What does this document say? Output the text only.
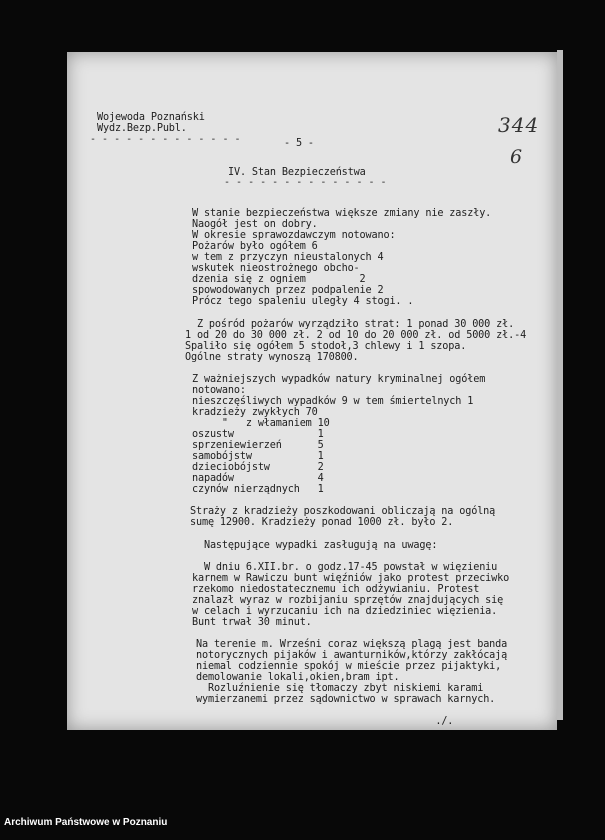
Wojewoda Poznański
Wydz.Bezp.Publ.
- - - - - - - - - - - - -	- 5 -
344
6
IV. Stan Bezpieczeństwa
- - - - - - - - - - - - - -
W stanie bezpieczeństwa większe zmiany nie zaszły.
Naogół jest on dobry.
W okresie sprawozdawczym notowano:
Pożarów było ogółem 6
w tem z przyczyn nieustalonych 4
wskutek nieostrożnego obcho-
dzenia się z ogniem         2
spowodowanych przez podpalenie 2
Prócz tego spaleniu uległy 4 stogi. .
Z pośród pożarów wyrządziło strat: 1 ponad 30 000 zł.
1 od 20 do 30 000 zł. 2 od 10 do 20 000 zł. od 5000 zł.-4
Spaliło się ogółem 5 stodoł,3 chlewy i 1 szopa.
Ogólne straty wynoszą 170800.
Z ważniejszych wypadków natury kryminalnej ogółem
notowano:
nieszczęśliwych wypadków 9 w tem śmiertelnych 1
kradzieży zwykłych 70
"   z włamaniem 10
oszustw              1
sprzeniewierzeń      5
samobójstw           1
dzieciobójstw        2
napadów              4
czynów nierządnych   1
Straży z kradzieży poszkodowani obliczają na ogólną
sumę 12900. Kradzieży ponad 1000 zł. było 2.
Następujące wypadki zasługują na uwagę:
W dniu 6.XII.br. o godz.17-45 powstał w więzieniu
karnem w Rawiczu bunt więźniów jako protest przeciwko
rzekomo niedostatecznemu ich odżywianiu. Protest
znalazł wyraz w rozbijaniu sprzętów znajdujących się
w celach i wyrzucaniu ich na dziedziniec więzienia.
Bunt trwał 30 minut.
Na terenie m. Wrześni coraz większą plagą jest banda
notorycznych pijaków i awanturników,którzy zakłócają
niemal codziennie spokój w mieście przez pijaktyki,
demolowanie lokali,okien,bram ipt.
Rozluźnienie się tłomaczy zbyt niskiemi karami
wymierzanemi przez sądownictwo w sprawach karnych.
./.
Archiwum Państwowe w Poznaniu
